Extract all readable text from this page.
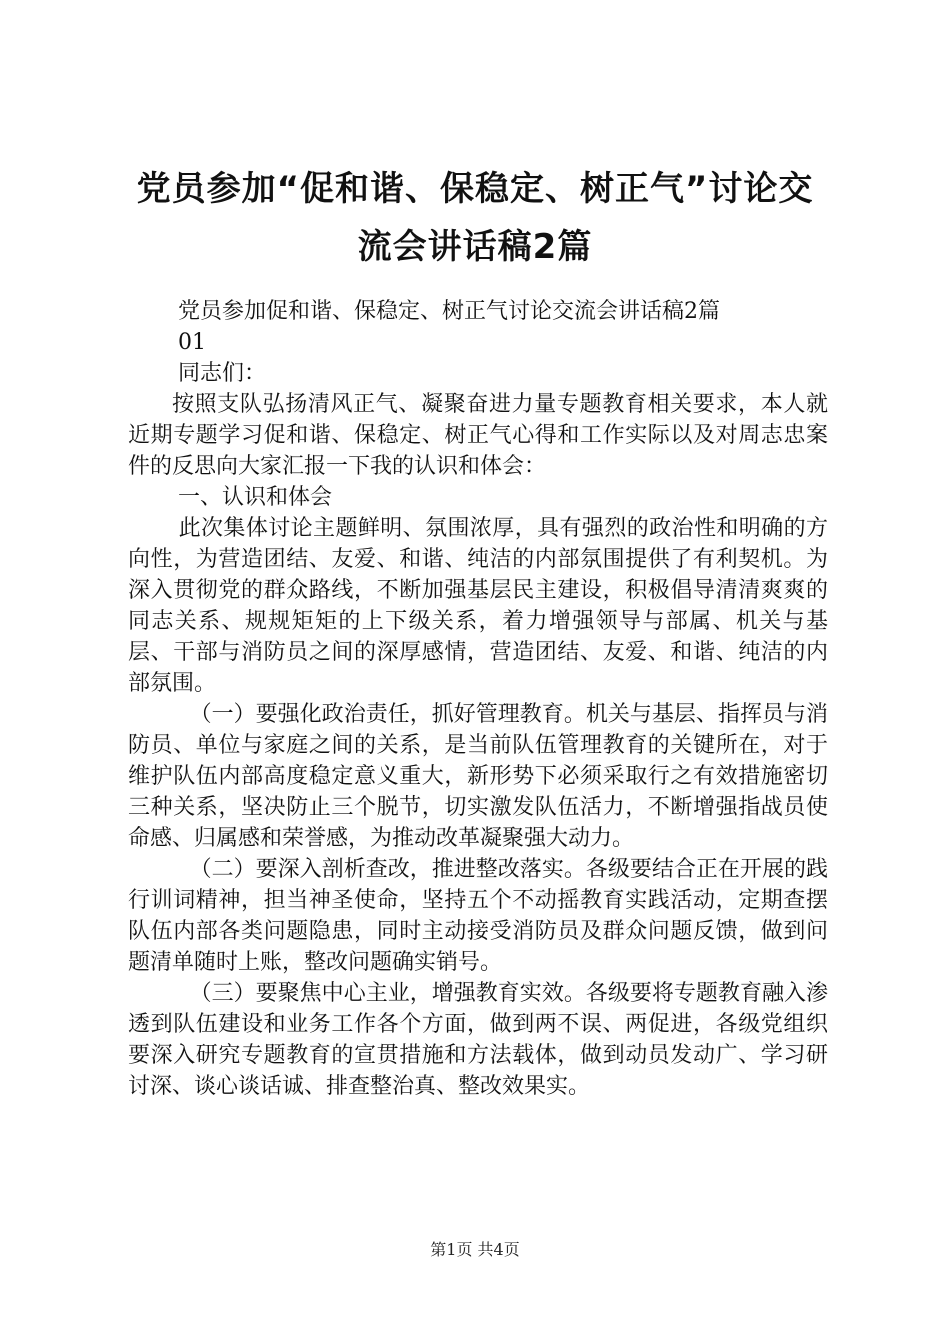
党员参加“促和谐、保稳定、树正气”讨论交
流会讲话稿2篇

党员参加促和谐、保稳定、树正气讨论交流会讲话稿2篇

01

同志们：

按照支队弘扬清风正气、凝聚奋进力量专题教育相关要求，本人就近期专题学习促和谐、保稳定、树正气心得和工作实际以及对周志忠案件的反思向大家汇报一下我的认识和体会：

一、认识和体会

此次集体讨论主题鲜明、氛围浓厚，具有强烈的政治性和明确的方向性，为营造团结、友爱、和谐、纯洁的内部氛围提供了有利契机。为深入贯彻党的群众路线，不断加强基层民主建设，积极倡导清清爽爽的同志关系、规规矩矩的上下级关系，着力增强领导与部属、机关与基层、干部与消防员之间的深厚感情，营造团结、友爱、和谐、纯洁的内部氛围。

（一）要强化政治责任，抓好管理教育。机关与基层、指挥员与消防员、单位与家庭之间的关系，是当前队伍管理教育的关键所在，对于维护队伍内部高度稳定意义重大，新形势下必须采取行之有效措施密切三种关系，坚决防止三个脱节，切实激发队伍活力，不断增强指战员使命感、归属感和荣誉感，为推动改革凝聚强大动力。

（二）要深入剖析查改，推进整改落实。各级要结合正在开展的践行训词精神，担当神圣使命，坚持五个不动摇教育实践活动，定期查摆队伍内部各类问题隐患，同时主动接受消防员及群众问题反馈，做到问题清单随时上账，整改问题确实销号。

（三）要聚焦中心主业，增强教育实效。各级要将专题教育融入渗透到队伍建设和业务工作各个方面，做到两不误、两促进，各级党组织要深入研究专题教育的宣贯措施和方法载体，做到动员发动广、学习研讨深、谈心谈话诚、排查整治真、整改效果实。

第1页 共4页
